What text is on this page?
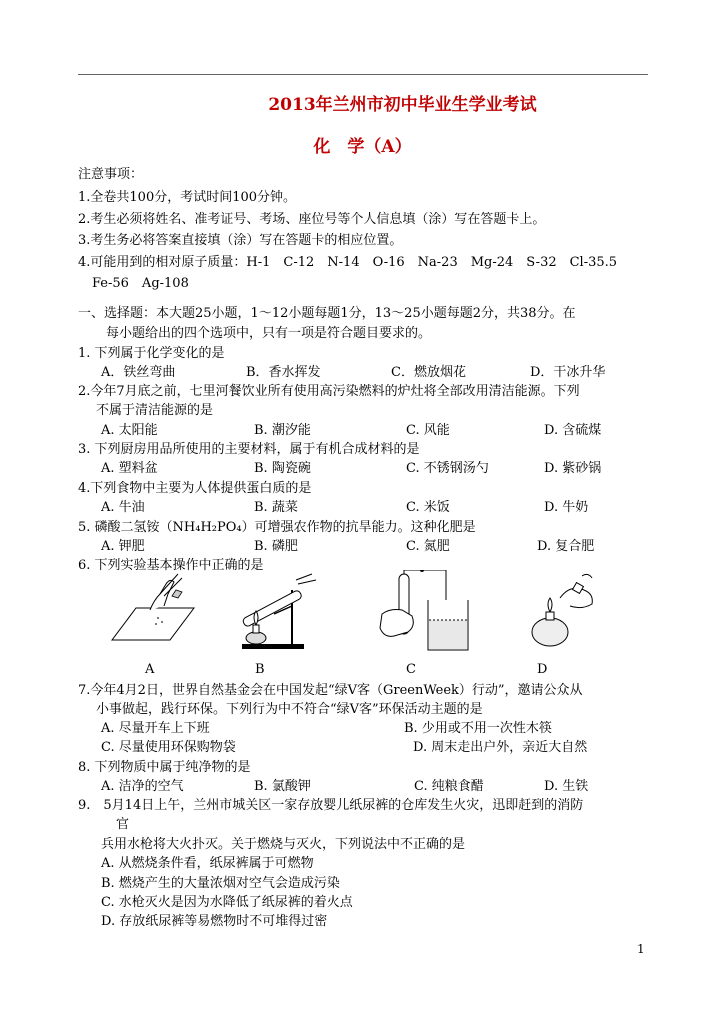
2013年兰州市初中毕业生学业考试
化　学（A）
注意事项：
1.全卷共100分，考试时间100分钟。
2.考生必须将姓名、准考证号、考场、座位号等个人信息填（涂）写在答题卡上。
3.考生务必将答案直接填（涂）写在答题卡的相应位置。
4.可能用到的相对原子质量：H-1　C-12　N-14　O-16　Na-23　Mg-24　S-32　Cl-35.5
Fe-56　Ag-108
一、选择题：本大题25小题，1～12小题每题1分，13～25小题每题2分，共38分。在
每小题给出的四个选项中，只有一项是符合题目要求的。
1. 下列属于化学变化的是
A．铁丝弯曲	B．香水挥发	C．燃放烟花	D．干冰升华
2.今年7月底之前，七里河餐饮业所有使用高污染燃料的炉灶将全部改用清洁能源。下列
不属于清洁能源的是
A. 太阳能	B. 潮汐能	C. 风能	D. 含硫煤
3. 下列厨房用品所使用的主要材料，属于有机合成材料的是
A. 塑料盆	B. 陶瓷碗	C. 不锈钢汤勺	D. 紫砂锅
4.下列食物中主要为人体提供蛋白质的是
A. 牛油	B. 蔬菜	C. 米饭	D. 牛奶
5. 磷酸二氢铵（NH₄H₂PO₄）可增强农作物的抗旱能力。这种化肥是
A. 钾肥	B. 磷肥	C. 氮肥	D. 复合肥
6. 下列实验基本操作中正确的是
A	B	C	D
7.今年4月2日，世界自然基金会在中国发起“绿V客（GreenWeek）行动”，邀请公众从
小事做起，践行环保。下列行为中不符合“绿V客”环保活动主题的是
A. 尽量开车上下班	B. 少用或不用一次性木筷
C. 尽量使用环保购物袋	D. 周末走出户外，亲近大自然
8. 下列物质中属于纯净物的是
A. 洁净的空气	B. 氯酸钾	C. 纯粮食醋	D. 生铁
9.　5月14日上午，兰州市城关区一家存放婴儿纸尿裤的仓库发生火灾，迅即赶到的消防
官
兵用水枪将大火扑灭。关于燃烧与灭火，下列说法中不正确的是
A. 从燃烧条件看，纸尿裤属于可燃物
B. 燃烧产生的大量浓烟对空气会造成污染
C. 水枪灭火是因为水降低了纸尿裤的着火点
D. 存放纸尿裤等易燃物时不可堆得过密
1
